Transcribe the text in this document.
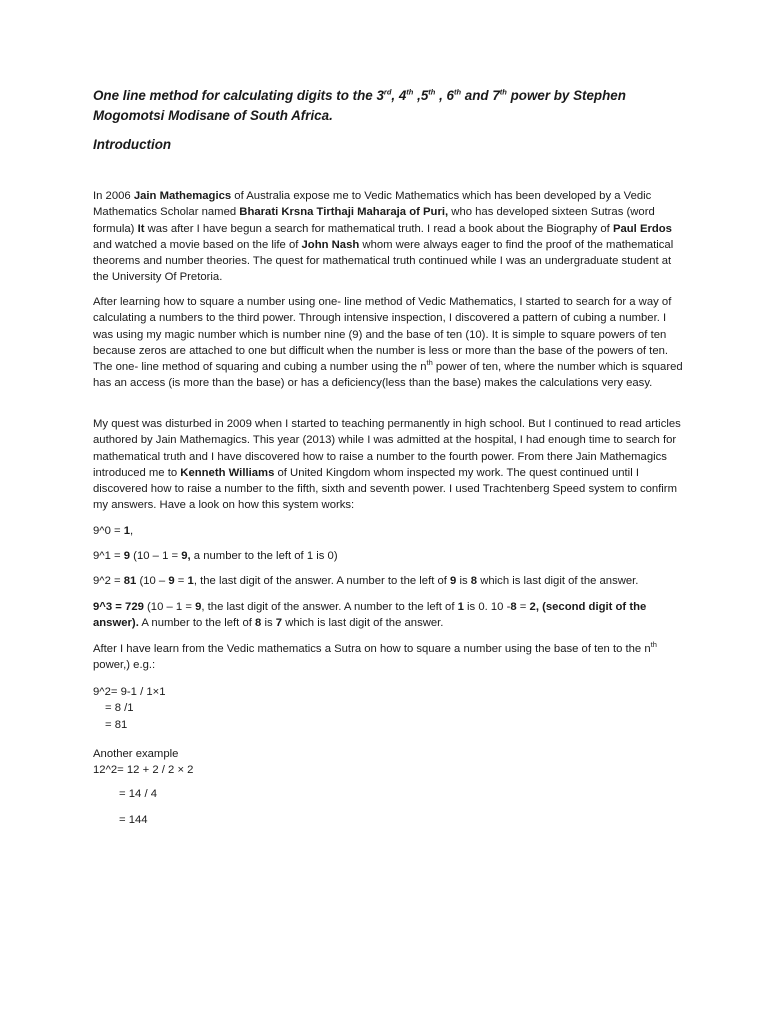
One line method for calculating digits to the 3rd, 4th ,5th , 6th and 7th power by Stephen Mogomotsi Modisane of South Africa.
Introduction

In 2006 Jain Mathemagics of Australia expose me to Vedic Mathematics which has been developed by a Vedic Mathematics Scholar named Bharati Krsna Tirthaji Maharaja of Puri, who has developed sixteen Sutras (word formula) It was after I have begun a search for mathematical truth. I read a book about the Biography of Paul Erdos and watched a movie based on the life of John Nash whom were always eager to find the proof of the mathematical theorems and number theories. The quest for mathematical truth continued while I was an undergraduate student at the University Of Pretoria.

After learning how to square a number using one- line method of Vedic Mathematics, I started to search for a way of calculating a numbers to the third power. Through intensive inspection, I discovered a pattern of cubing a number. I was using my magic number which is number nine (9) and the base of ten (10). It is simple to square powers of ten because zeros are attached to one but difficult when the number is less or more than the base of the powers of ten. The one- line method of squaring and cubing a number using the $n^{th}$ power of ten, where the number which is squared has an access (is more than the base) or has a deficiency(less than the base) makes the calculations very easy.

My quest was disturbed in 2009 when I started to teaching permanently in high school. But I continued to read articles authored by Jain Mathemagics. This year (2013) while I was admitted at the hospital, I had enough time to search for mathematical truth and I have discovered how to raise a number to the fourth power. From there Jain Mathemagics introduced me to Kenneth Williams of United Kingdom whom inspected my work. The quest continued until I discovered how to raise a number to the fifth, sixth and seventh power. I used Trachtenberg Speed system to confirm my answers. Have a look on how this system works:

9^0 = 1,

9^1 = 9 (10 – 1 = 9, a number to the left of 1 is 0)

9^2 = 81 (10 – 9 = 1, the last digit of the answer. A number to the left of 9 is 8 which is last digit of the answer.

9^3 = 729 (10 – 1 = 9, the last digit of the answer. A number to the left of 1 is 0. 10 -8 = 2, (second digit of the answer). A number to the left of 8 is 7 which is last digit of the answer.

After I have learn from the Vedic mathematics a Sutra on how to square a number using the base of ten to the $n^{th}$ power,) e.g.:

9^2= 9-1 / 1×1
= 8 /1
= 81
Another example
12^2= 12 + 2 / 2 × 2
= 14 / 4
= 144
